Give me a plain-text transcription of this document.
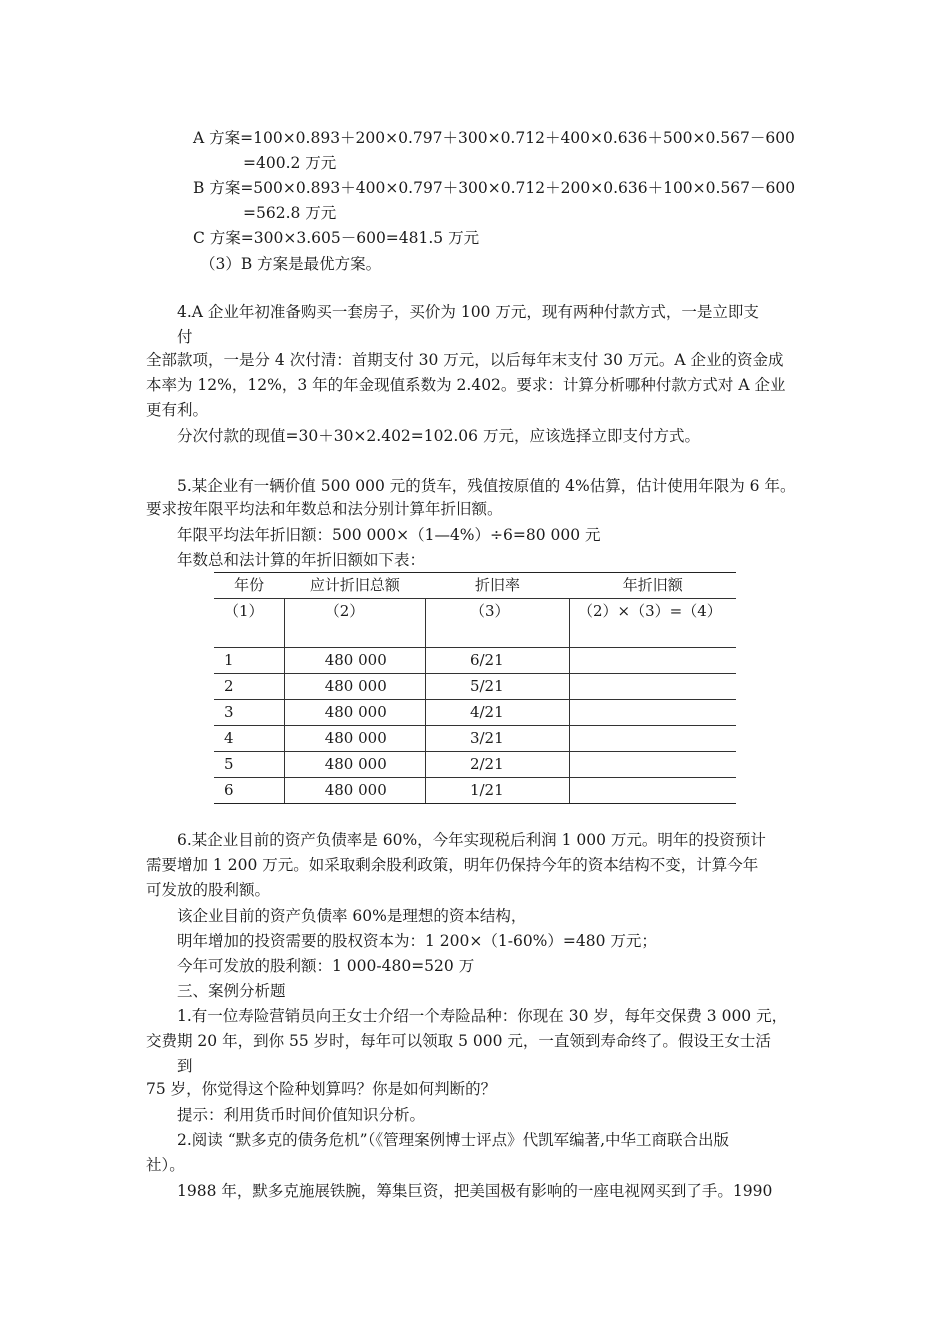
A 方案=100×0.893＋200×0.797＋300×0.712＋400×0.636＋500×0.567－600
=400.2 万元
B 方案=500×0.893＋400×0.797＋300×0.712＋200×0.636＋100×0.567－600
=562.8 万元
C 方案=300×3.605－600=481.5 万元
（3）B 方案是最优方案。
4.A 企业年初准备购买一套房子，买价为 100 万元，现有两种付款方式，一是立即支
付
全部款项，一是分 4 次付清：首期支付 30 万元，以后每年末支付 30 万元。A 企业的资金成
本率为 12%，12%，3 年的年金现值系数为 2.402。要求：计算分析哪种付款方式对 A 企业
更有利。
分次付款的现值=30＋30×2.402=102.06 万元，应该选择立即支付方式。
5.某企业有一辆价值 500 000 元的货车，残值按原值的 4%估算，估计使用年限为 6 年。
要求按年限平均法和年数总和法分别计算年折旧额。
年限平均法年折旧额：500 000×（1—4%）÷6=80 000 元
年数总和法计算的年折旧额如下表：
年份	应计折旧总额	折旧率	年折旧额
（1）	（2）	（3）	（2）×（3）=（4）

1	480 000	6/21	
2	480 000	5/21	
3	480 000	4/21	
4	480 000	3/21	
5	480 000	2/21	
6	480 000	1/21	
6.某企业目前的资产负债率是 60%，今年实现税后利润 1 000 万元。明年的投资预计
需要增加 1 200 万元。如采取剩余股利政策，明年仍保持今年的资本结构不变，计算今年
可发放的股利额。
该企业目前的资产负债率 60%是理想的资本结构，
明年增加的投资需要的股权资本为：1 200×（1-60%）=480 万元；
今年可发放的股利额：1 000-480=520 万
三、案例分析题
1.有一位寿险营销员向王女士介绍一个寿险品种：你现在 30 岁，每年交保费 3 000 元，
交费期 20 年，到你 55 岁时，每年可以领取 5 000 元，一直领到寿命终了。假设王女士活
到
75 岁，你觉得这个险种划算吗？你是如何判断的？
提示：利用货币时间价值知识分析。
2.阅读 “默多克的债务危机”（《管理案例博士评点》代凯军编著,中华工商联合出版
社）。
1988 年，默多克施展铁腕，筹集巨资，把美国极有影响的一座电视网买到了手。1990
